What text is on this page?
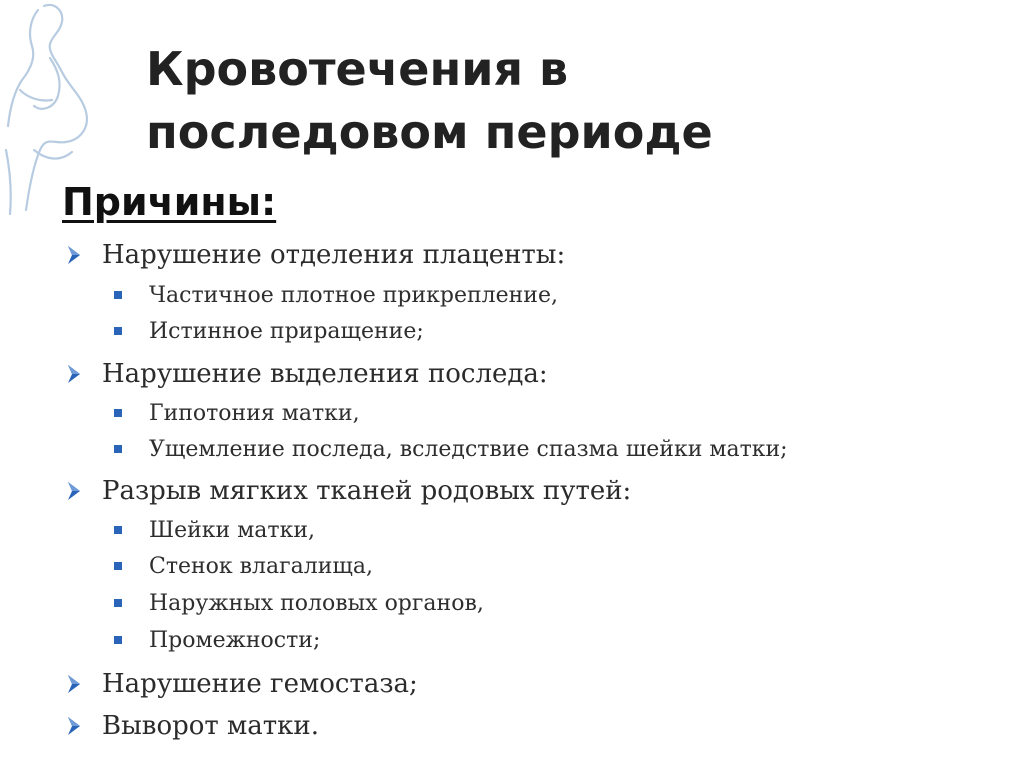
Кровотечения в
последовом периоде
Причины:
Нарушение отделения плаценты:
Частичное плотное прикрепление,
Истинное приращение;
Нарушение выделения последа:
Гипотония матки,
Ущемление последа, вследствие спазма шейки матки;
Разрыв мягких тканей родовых путей:
Шейки матки,
Стенок влагалища,
Наружных половых органов,
Промежности;
Нарушение гемостаза;
Выворот матки.
